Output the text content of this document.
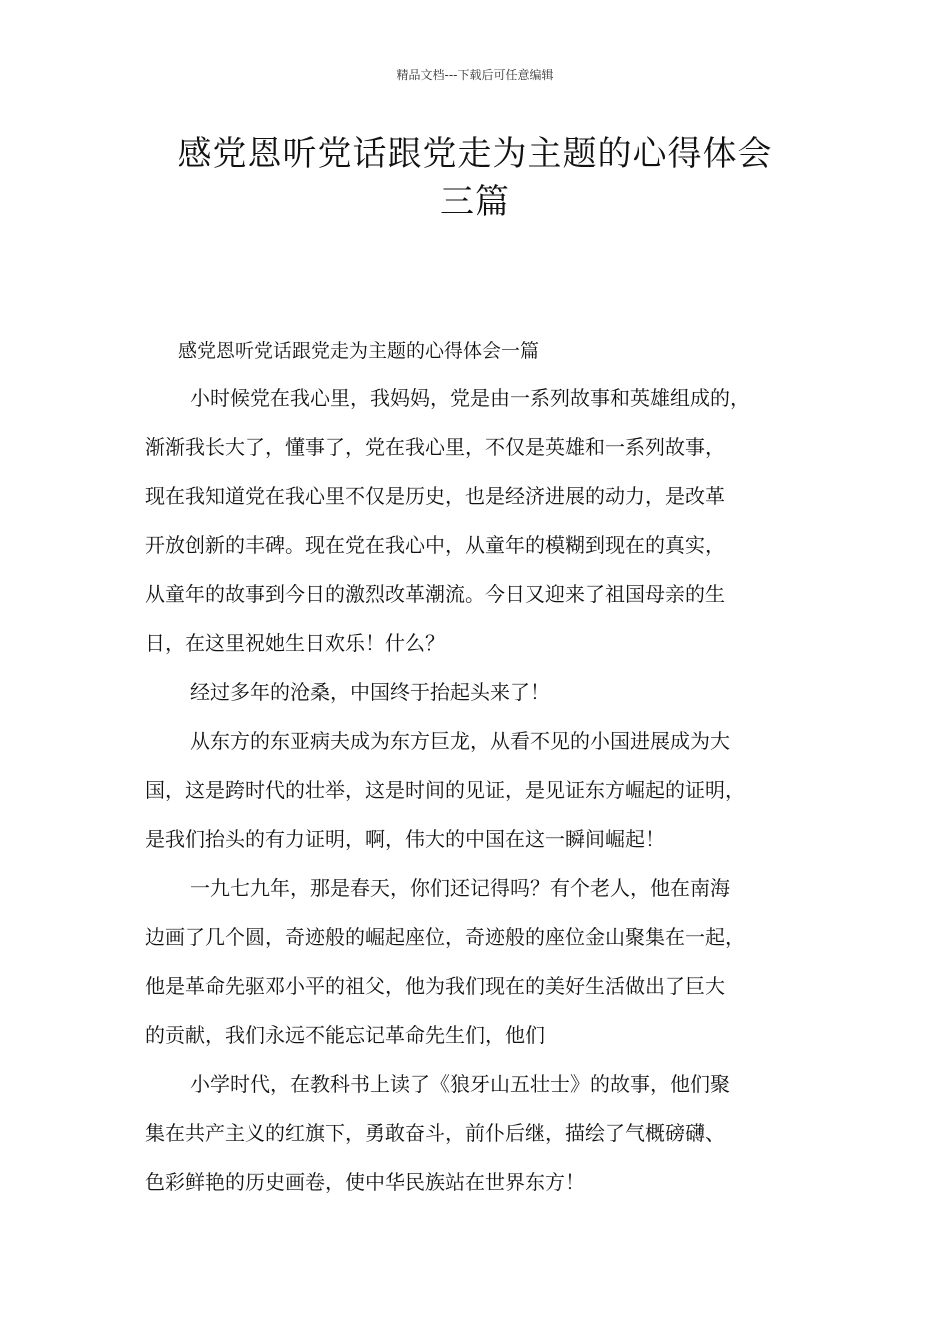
精品文档---下载后可任意编辑
感党恩听党话跟党走为主题的心得体会
三篇
感党恩听党话跟党走为主题的心得体会一篇
小时候党在我心里，我妈妈，党是由一系列故事和英雄组成的，
渐渐我长大了，懂事了，党在我心里，不仅是英雄和一系列故事，
现在我知道党在我心里不仅是历史，也是经济进展的动力，是改革
开放创新的丰碑。现在党在我心中，从童年的模糊到现在的真实，
从童年的故事到今日的激烈改革潮流。今日又迎来了祖国母亲的生
日，在这里祝她生日欢乐！什么？
经过多年的沧桑，中国终于抬起头来了！
从东方的东亚病夫成为东方巨龙，从看不见的小国进展成为大
国，这是跨时代的壮举，这是时间的见证，是见证东方崛起的证明，
是我们抬头的有力证明，啊，伟大的中国在这一瞬间崛起！
一九七九年，那是春天，你们还记得吗？有个老人，他在南海
边画了几个圆，奇迹般的崛起座位，奇迹般的座位金山聚集在一起，
他是革命先驱邓小平的祖父，他为我们现在的美好生活做出了巨大
的贡献，我们永远不能忘记革命先生们，他们
小学时代，在教科书上读了《狼牙山五壮士》的故事，他们聚
集在共产主义的红旗下，勇敢奋斗，前仆后继，描绘了气概磅礴、
色彩鲜艳的历史画卷，使中华民族站在世界东方！
